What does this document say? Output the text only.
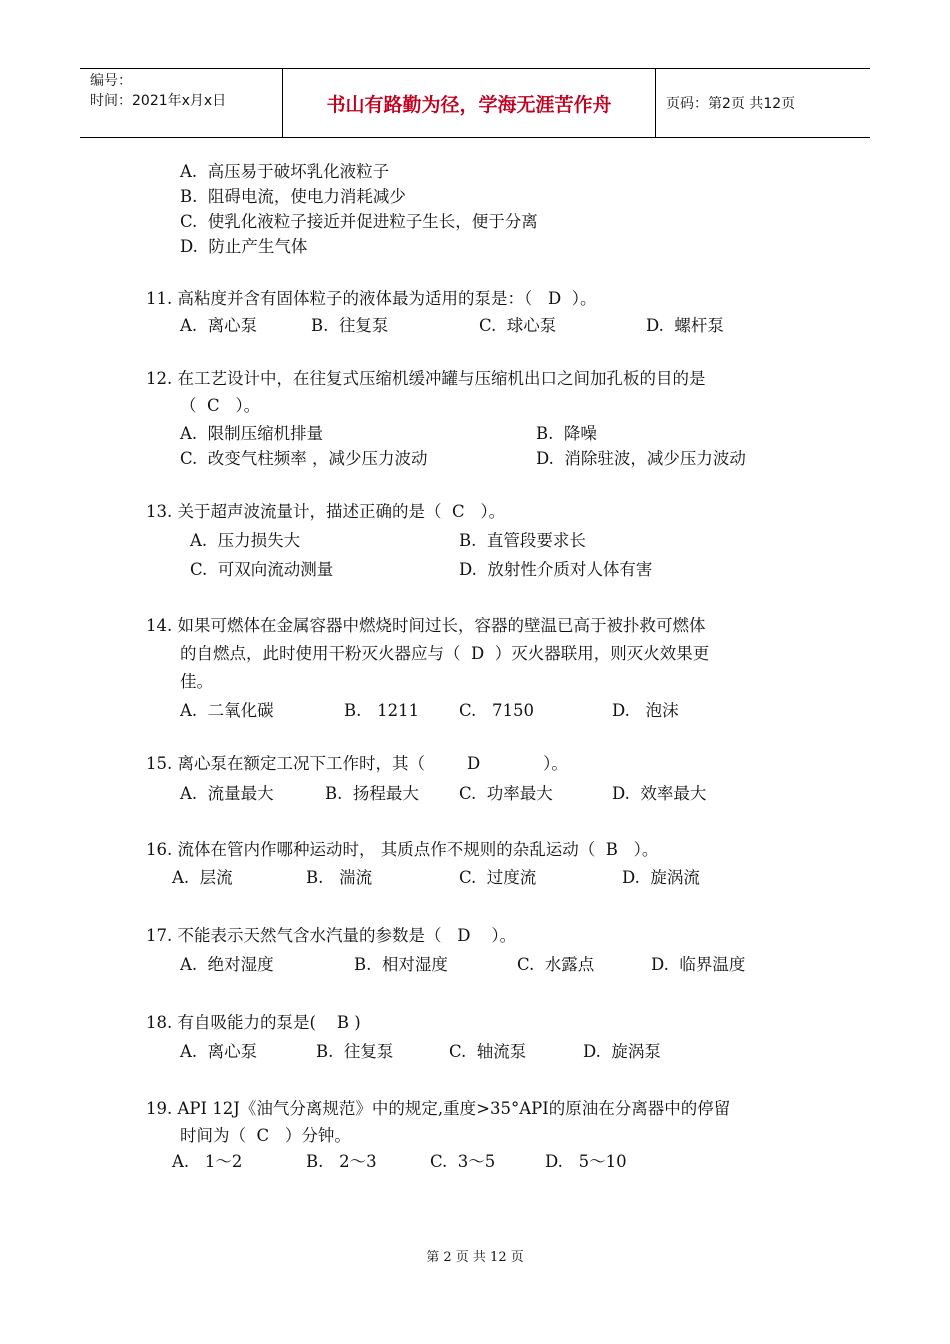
编号：
时间：2021年x月x日	书山有路勤为径，学海无涯苦作舟	页码：第2页 共12页
A.  高压易于破坏乳化液粒子
B.  阻碍电流，使电力消耗减少
C.  使乳化液粒子接近并促进粒子生长，便于分离
D.  防止产生气体
11. 高粘度并含有固体粒子的液体最为适用的泵是：（   D  ）。
A.  离心泵	B.  往复泵	C.  球心泵	D.  螺杆泵
12. 在工艺设计中，在往复式压缩机缓冲罐与压缩机出口之间加孔板的目的是
（  C   ）。
A.  限制压缩机排量	B.  降噪
C.  改变气柱频率 ，减少压力波动	D.  消除驻波，减少压力波动
13. 关于超声波流量计，描述正确的是（  C   ）。
A.  压力损失大	B.  直管段要求长
C.  可双向流动测量	D.  放射性介质对人体有害
14. 如果可燃体在金属容器中燃烧时间过长，容器的壁温已高于被扑救可燃体
的自燃点，此时使用干粉灭火器应与（  D  ）灭火器联用，则灭火效果更
佳。
A.  二氧化碳	B.   1211 C.   7150	D.   泡沫
15. 离心泵在额定工况下工作时，其（        D            ）。
A.  流量最大	B.  扬程最大 C.  功率最大	D.  效率最大
16. 流体在管内作哪种运动时， 其质点作不规则的杂乱运动（  B   ）。
A.  层流	B.   湍流	C.  过度流	D.  旋涡流
17. 不能表示天然气含水汽量的参数是（   D    ）。
A.  绝对湿度	B.  相对湿度	C.  水露点	D.  临界温度
18. 有自吸能力的泵是(    B )
A.  离心泵	B.  往复泵	C.  轴流泵	D.  旋涡泵
19. API 12J《油气分离规范》中的规定,重度>35°API的原油在分离器中的停留
时间为（  C   ）分钟。
A.   1～2	B.   2～3	C.  3～5	D.   5～10
第 2 页 共 12 页
